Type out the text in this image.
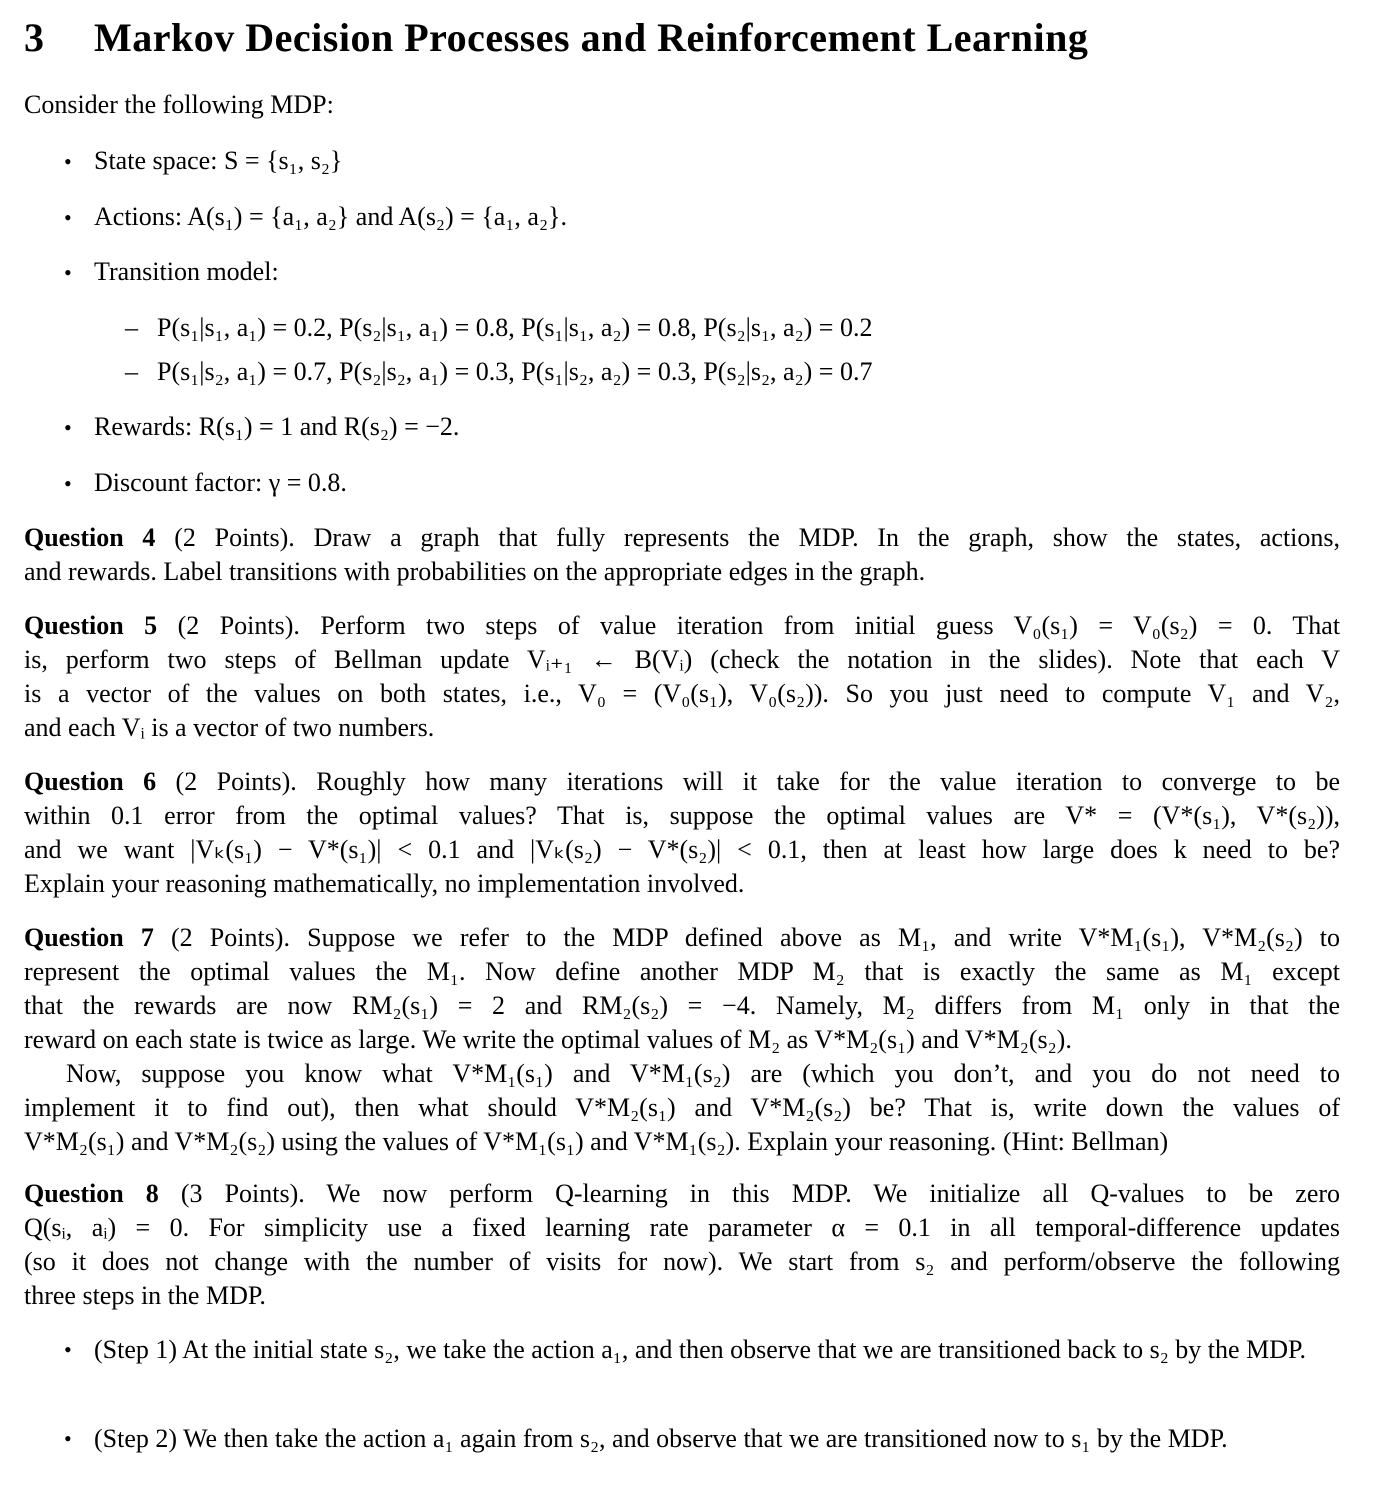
3 Markov Decision Processes and Reinforcement Learning
Consider the following MDP:
• State space: S = {s₁, s₂}
• Actions: A(s₁) = {a₁, a₂} and A(s₂) = {a₁, a₂}.
• Transition model:
– P(s₁|s₁, a₁) = 0.2, P(s₂|s₁, a₁) = 0.8, P(s₁|s₁, a₂) = 0.8, P(s₂|s₁, a₂) = 0.2
– P(s₁|s₂, a₁) = 0.7, P(s₂|s₂, a₁) = 0.3, P(s₁|s₂, a₂) = 0.3, P(s₂|s₂, a₂) = 0.7
• Rewards: R(s₁) = 1 and R(s₂) = −2.
• Discount factor: γ = 0.8.

Question 4 (2 Points). Draw a graph that fully represents the MDP. In the graph, show the states, actions,

and rewards. Label transitions with probabilities on the appropriate edges in the graph.

Question 5 (2 Points). Perform two steps of value iteration from initial guess V₀(s₁) = V₀(s₂) = 0. That

is, perform two steps of Bellman update Vᵢ₊₁ ← B(Vᵢ) (check the notation in the slides). Note that each V

is a vector of the values on both states, i.e., V₀ = (V₀(s₁), V₀(s₂)). So you just need to compute V₁ and V₂,

and each Vᵢ is a vector of two numbers.

Question 6 (2 Points). Roughly how many iterations will it take for the value iteration to converge to be

within 0.1 error from the optimal values? That is, suppose the optimal values are V* = (V*(s₁), V*(s₂)),

and we want |Vₖ(s₁) − V*(s₁)| < 0.1 and |Vₖ(s₂) − V*(s₂)| < 0.1, then at least how large does k need to be?

Explain your reasoning mathematically, no implementation involved.

Question 7 (2 Points). Suppose we refer to the MDP defined above as M₁, and write V*M₁(s₁), V*M₂(s₂) to

represent the optimal values the M₁. Now define another MDP M₂ that is exactly the same as M₁ except

that the rewards are now RM₂(s₁) = 2 and RM₂(s₂) = −4. Namely, M₂ differs from M₁ only in that the

reward on each state is twice as large. We write the optimal values of M₂ as V*M₂(s₁) and V*M₂(s₂).

Now, suppose you know what V*M₁(s₁) and V*M₁(s₂) are (which you don’t, and you do not need to

implement it to find out), then what should V*M₂(s₁) and V*M₂(s₂) be? That is, write down the values of

V*M₂(s₁) and V*M₂(s₂) using the values of V*M₁(s₁) and V*M₁(s₂). Explain your reasoning. (Hint: Bellman)

Question 8 (3 Points). We now perform Q-learning in this MDP. We initialize all Q-values to be zero

Q(sᵢ, aᵢ) = 0. For simplicity use a fixed learning rate parameter α = 0.1 in all temporal-difference updates

(so it does not change with the number of visits for now). We start from s₂ and perform/observe the following

three steps in the MDP.

• (Step 1) At the initial state s₂, we take the action a₁, and then observe that we are transitioned back to s₂ by the MDP.
• (Step 2) We then take the action a₁ again from s₂, and observe that we are transitioned now to s₁ by the MDP.
